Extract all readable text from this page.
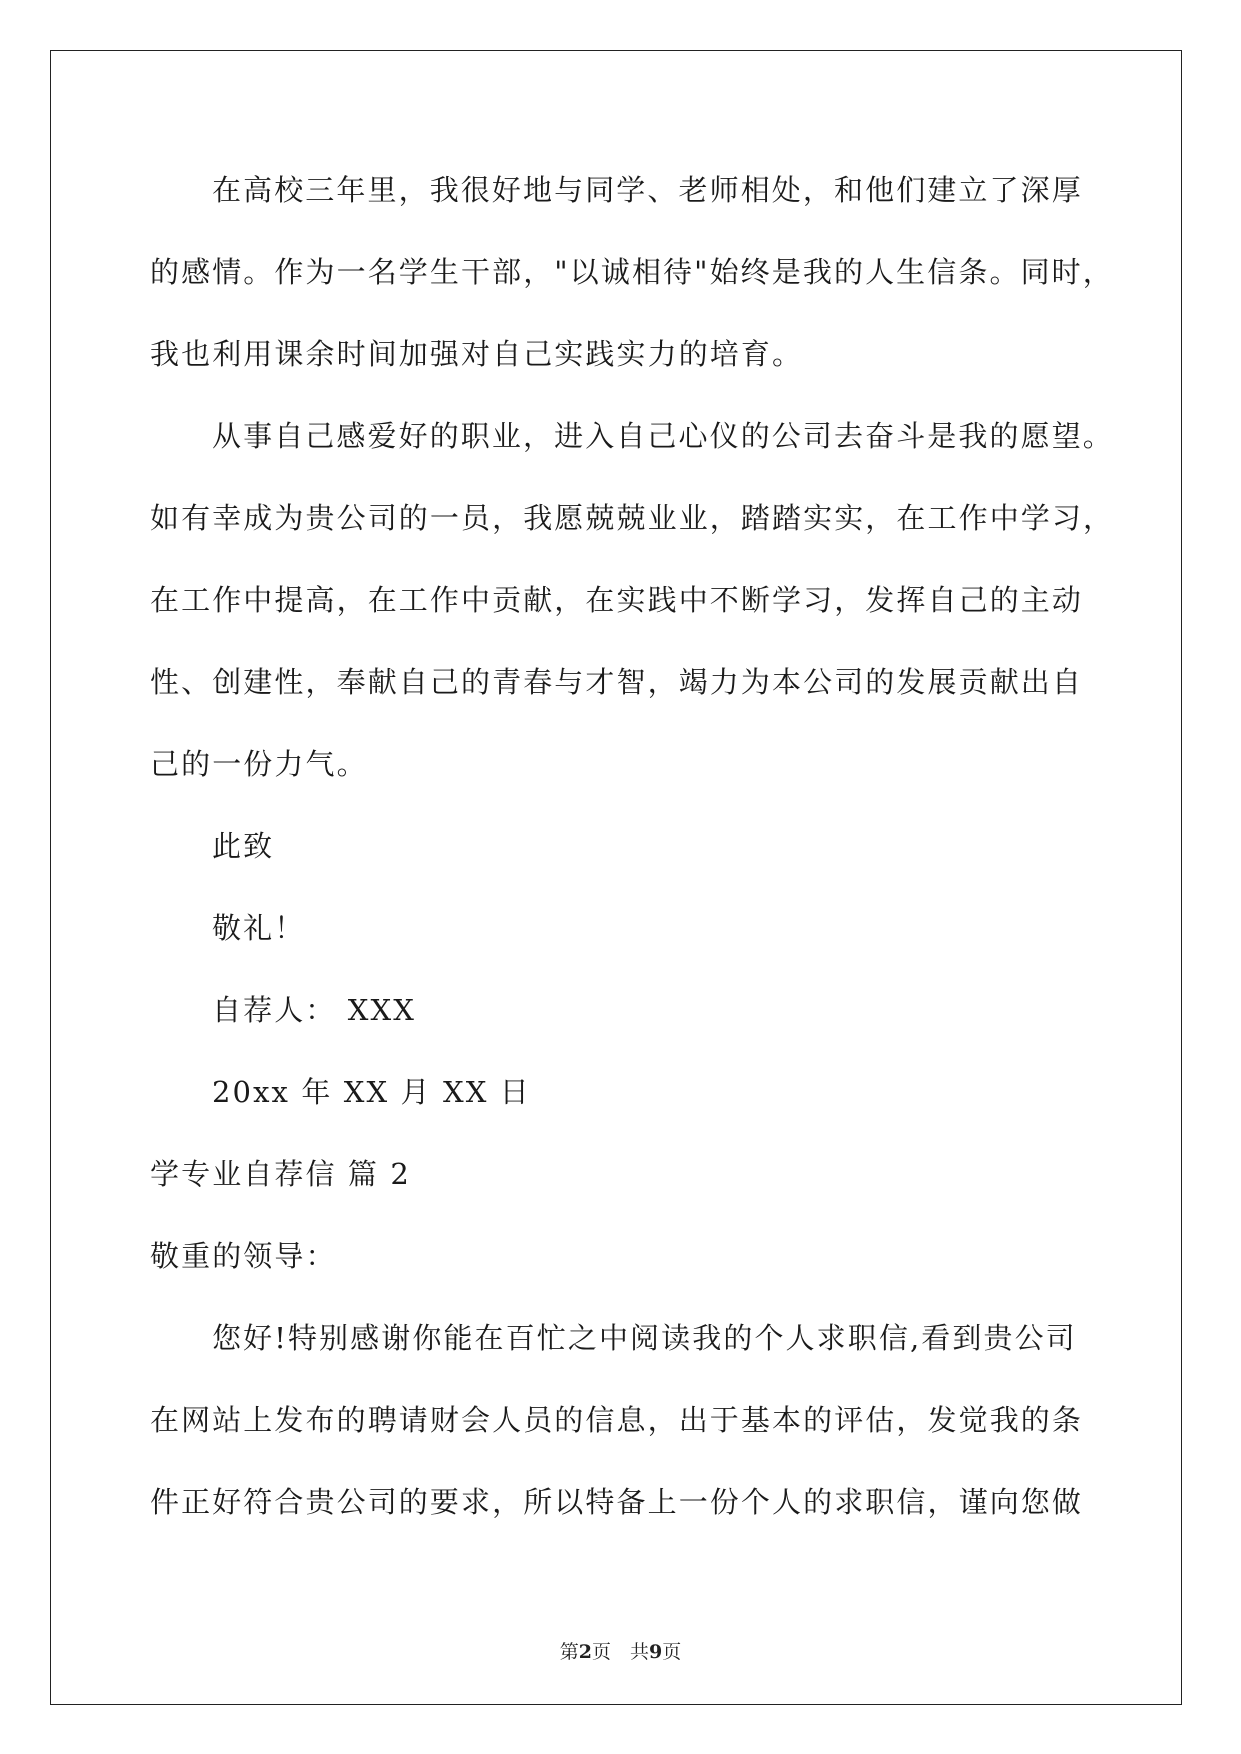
在高校三年里，我很好地与同学、老师相处，和他们建立了深厚

的感情。作为一名学生干部，"以诚相待"始终是我的人生信条。同时，

我也利用课余时间加强对自己实践实力的培育。

从事自己感爱好的职业，进入自己心仪的公司去奋斗是我的愿望。

如有幸成为贵公司的一员，我愿兢兢业业，踏踏实实，在工作中学习，

在工作中提高，在工作中贡献，在实践中不断学习，发挥自己的主动

性、创建性，奉献自己的青春与才智，竭力为本公司的发展贡献出自

己的一份力气。

此致

敬礼！

自荐人： XXX

20xx 年 XX 月 XX 日

学专业自荐信 篇 2

敬重的领导：

您好!特别感谢你能在百忙之中阅读我的个人求职信,看到贵公司

在网站上发布的聘请财会人员的信息，出于基本的评估，发觉我的条

件正好符合贵公司的要求，所以特备上一份个人的求职信，谨向您做

第2页　共9页
